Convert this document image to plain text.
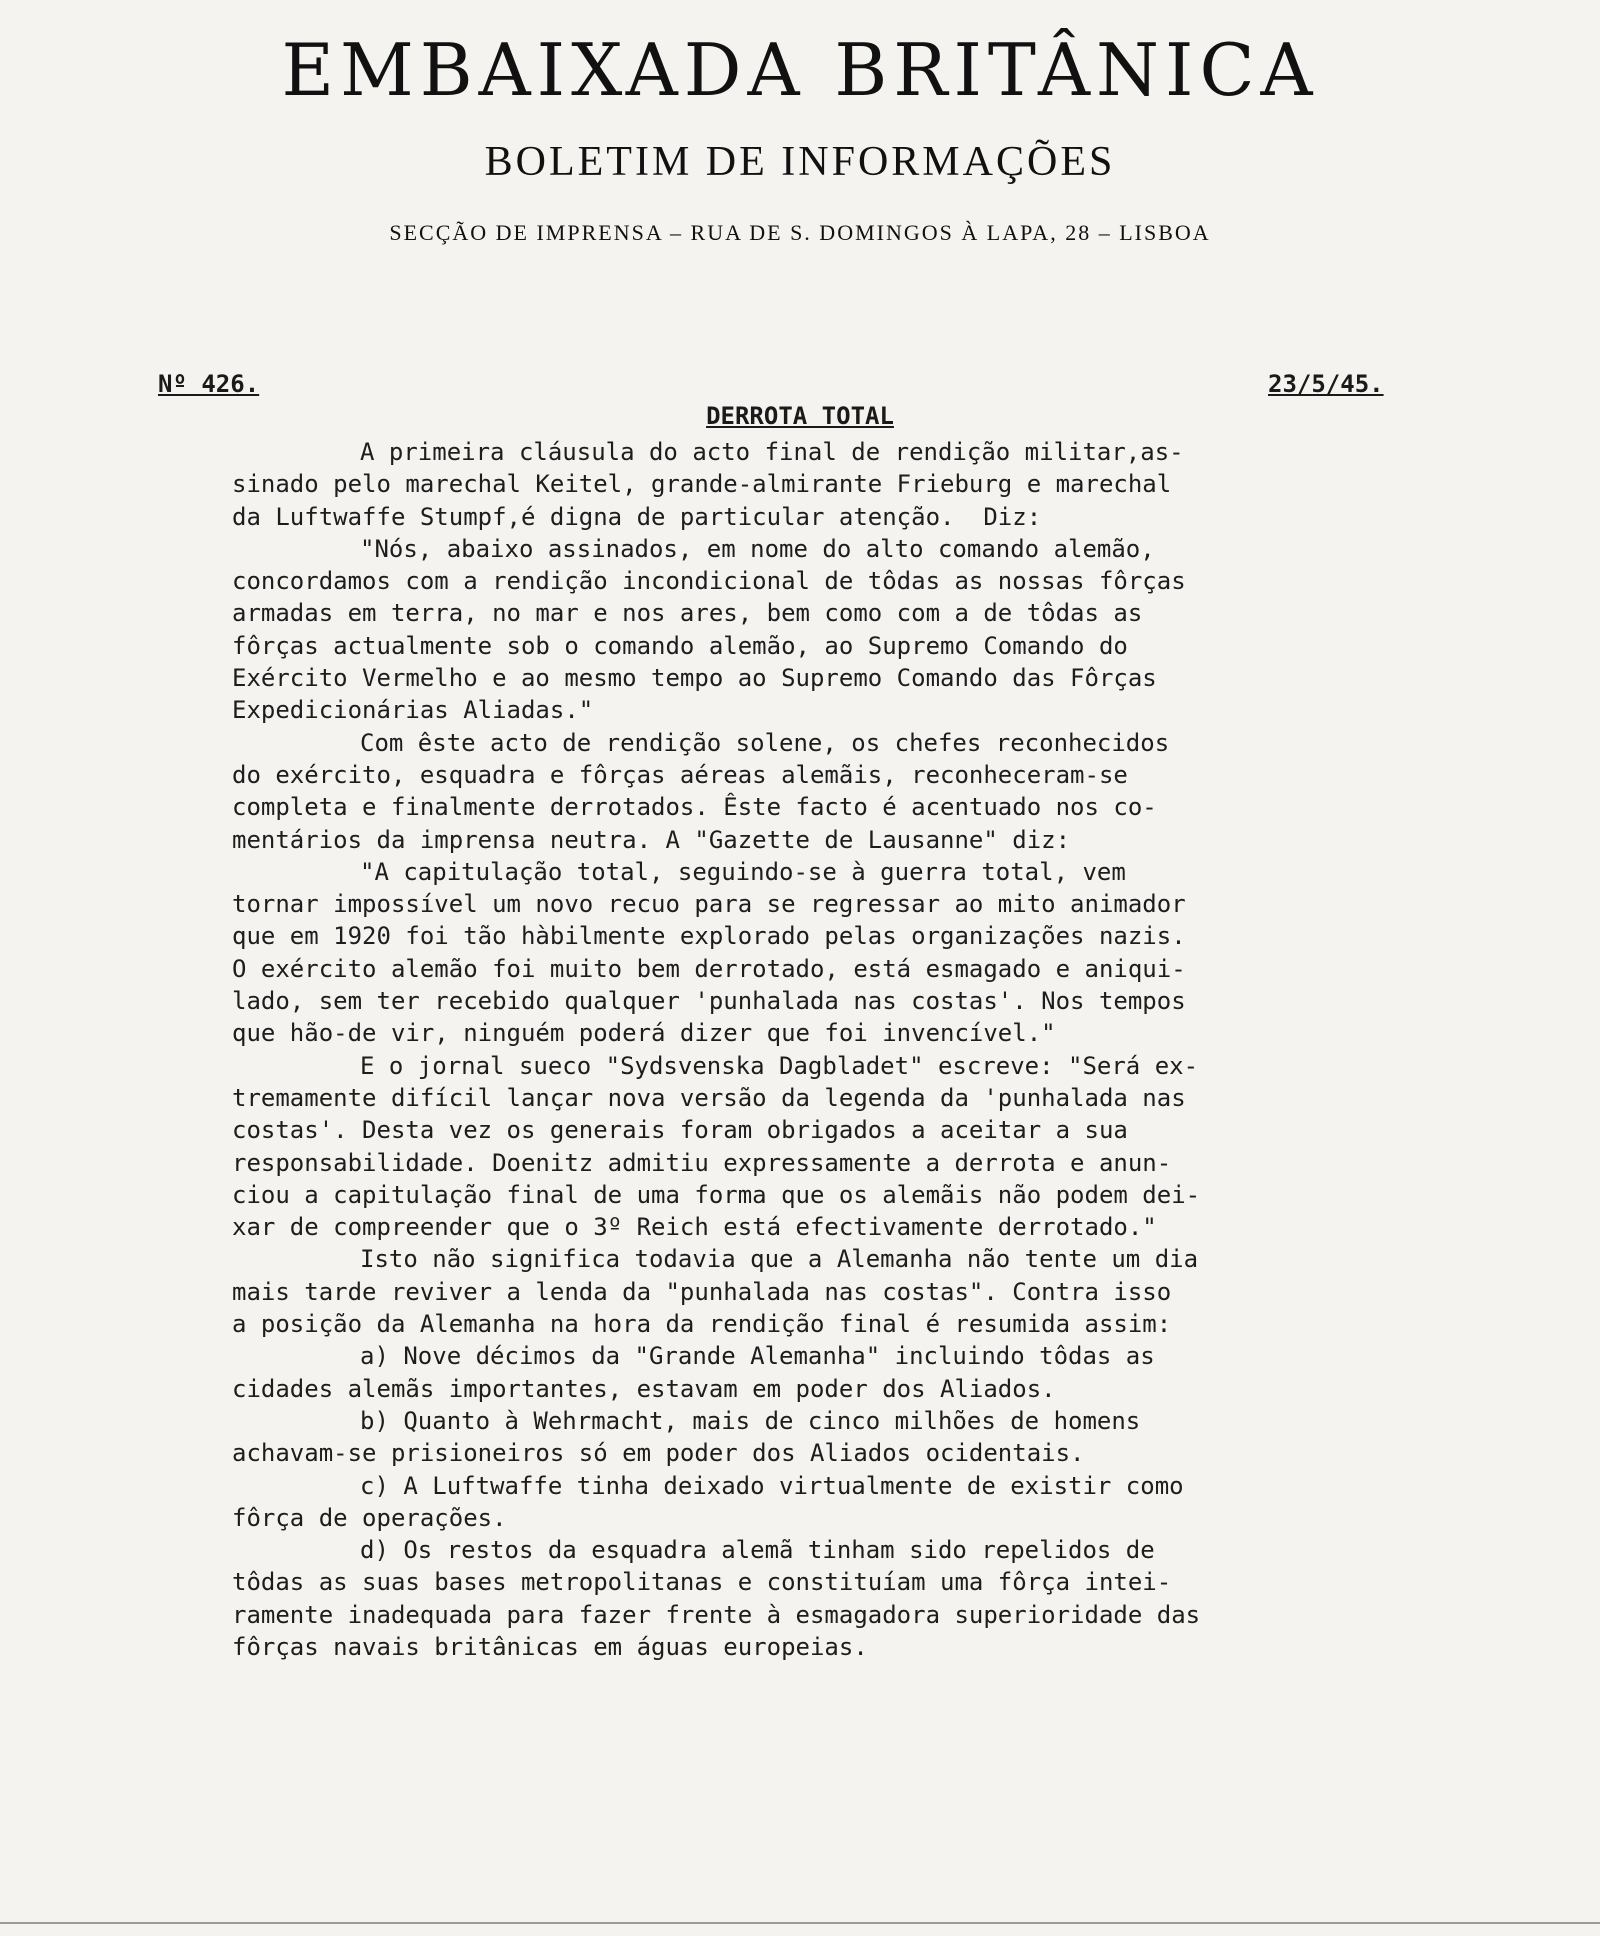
EMBAIXADA BRITÂNICA
BOLETIM DE INFORMAÇÕES
SECÇÃO DE IMPRENSA – RUA DE S. DOMINGOS À LAPA, 28 – LISBOA
Nº 426.	23/5/45.
DERROTA TOTAL
A primeira cláusula do acto final de rendição militar,as-
sinado pelo marechal Keitel, grande-almirante Frieburg e marechal
da Luftwaffe Stumpf,é digna de particular atenção.  Diz:
"Nós, abaixo assinados, em nome do alto comando alemão,
concordamos com a rendição incondicional de tôdas as nossas fôrças
armadas em terra, no mar e nos ares, bem como com a de tôdas as
fôrças actualmente sob o comando alemão, ao Supremo Comando do
Exército Vermelho e ao mesmo tempo ao Supremo Comando das Fôrças
Expedicionárias Aliadas."
Com êste acto de rendição solene, os chefes reconhecidos
do exército, esquadra e fôrças aéreas alemãis, reconheceram-se
completa e finalmente derrotados. Êste facto é acentuado nos co-
mentários da imprensa neutra. A "Gazette de Lausanne" diz:
"A capitulação total, seguindo-se à guerra total, vem
tornar impossível um novo recuo para se regressar ao mito animador
que em 1920 foi tão hàbilmente explorado pelas organizações nazis.
O exército alemão foi muito bem derrotado, está esmagado e aniqui-
lado, sem ter recebido qualquer 'punhalada nas costas'. Nos tempos
que hão-de vir, ninguém poderá dizer que foi invencível."
E o jornal sueco "Sydsvenska Dagbladet" escreve: "Será ex-
tremamente difícil lançar nova versão da legenda da 'punhalada nas
costas'. Desta vez os generais foram obrigados a aceitar a sua
responsabilidade. Doenitz admitiu expressamente a derrota e anun-
ciou a capitulação final de uma forma que os alemãis não podem dei-
xar de compreender que o 3º Reich está efectivamente derrotado."
Isto não significa todavia que a Alemanha não tente um dia
mais tarde reviver a lenda da "punhalada nas costas". Contra isso
a posição da Alemanha na hora da rendição final é resumida assim:
a) Nove décimos da "Grande Alemanha" incluindo tôdas as
cidades alemãs importantes, estavam em poder dos Aliados.
b) Quanto à Wehrmacht, mais de cinco milhões de homens
achavam-se prisioneiros só em poder dos Aliados ocidentais.
c) A Luftwaffe tinha deixado virtualmente de existir como
fôrça de operações.
d) Os restos da esquadra alemã tinham sido repelidos de
tôdas as suas bases metropolitanas e constituíam uma fôrça intei-
ramente inadequada para fazer frente à esmagadora superioridade das
fôrças navais britânicas em águas europeias.
